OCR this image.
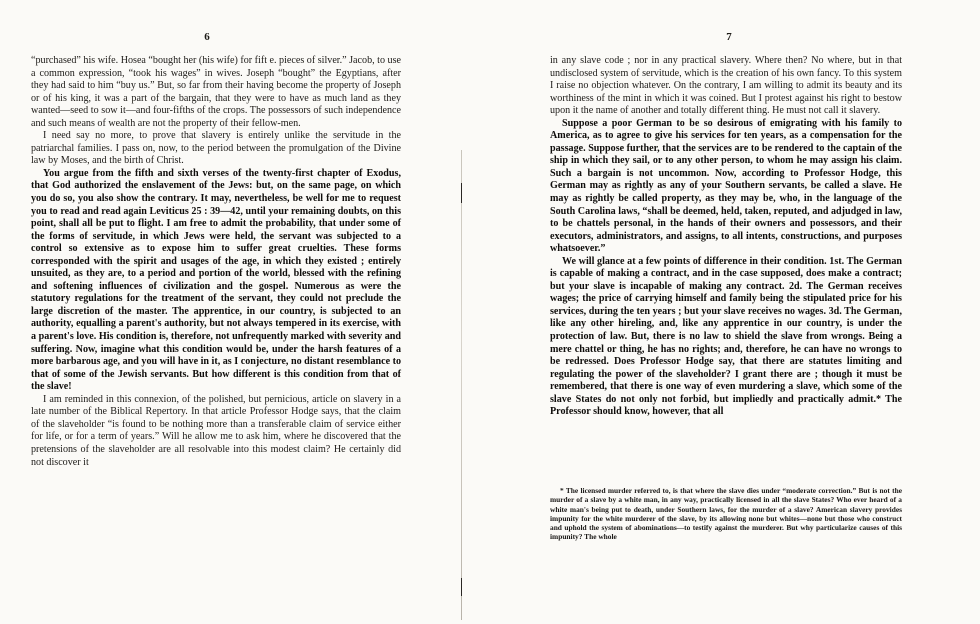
6

“purchased” his wife. Hosea “bought her (his wife) for fift e. pieces of silver.” Jacob, to use a common expression, “took his wages” in wives. Joseph “bought” the Egyptians, after they had said to him “buy us.” But, so far from their having become the property of Joseph or of his king, it was a part of the bargain, that they were to have as much land as they wanted—seed to sow it—and four-fifths of the crops. The possessors of such independence and such means of wealth are not the property of their fellow-men.

I need say no more, to prove that slavery is entirely unlike the servitude in the patriarchal families. I pass on, now, to the period between the promulgation of the Divine law by Moses, and the birth of Christ.

You argue from the fifth and sixth verses of the twenty-first chapter of Exodus, that God authorized the enslavement of the Jews: but, on the same page, on which you do so, you also show the contrary. It may, nevertheless, be well for me to request you to read and read again Leviticus 25 : 39—42, until your remaining doubts, on this point, shall all be put to flight. I am free to admit the probability, that under some of the forms of servitude, in which Jews were held, the servant was subjected to a control so extensive as to expose him to suffer great cruelties. These forms corresponded with the spirit and usages of the age, in which they existed ; entirely unsuited, as they are, to a period and portion of the world, blessed with the refining and softening influences of civilization and the gospel. Numerous as were the statutory regulations for the treatment of the servant, they could not preclude the large discretion of the master. The apprentice, in our country, is subjected to an authority, equalling a parent's authority, but not always tempered in its exercise, with a parent's love. His condition is, therefore, not unfrequently marked with severity and suffering. Now, imagine what this condition would be, under the harsh features of a more barbarous age, and you will have in it, as I conjecture, no distant resemblance to that of some of the Jewish servants. But how different is this condition from that of the slave!

I am reminded in this connexion, of the polished, but pernicious, article on slavery in a late number of the Biblical Repertory. In that article Professor Hodge says, that the claim of the slaveholder “is found to be nothing more than a transferable claim of service either for life, or for a term of years.” Will he allow me to ask him, where he discovered that the pretensions of the slaveholder are all resolvable into this modest claim? He certainly did not discover it

7

in any slave code ; nor in any practical slavery. Where then? No where, but in that undisclosed system of servitude, which is the creation of his own fancy. To this system I raise no objection whatever. On the contrary, I am willing to admit its beauty and its worthiness of the mint in which it was coined. But I protest against his right to bestow upon it the name of another and totally different thing. He must not call it slavery.

Suppose a poor German to be so desirous of emigrating with his family to America, as to agree to give his services for ten years, as a compensation for the passage. Suppose further, that the services are to be rendered to the captain of the ship in which they sail, or to any other person, to whom he may assign his claim. Such a bargain is not uncommon. Now, according to Professor Hodge, this German may as rightly as any of your Southern servants, be called a slave. He may as rightly be called property, as they may be, who, in the language of the South Carolina laws, “shall be deemed, held, taken, reputed, and adjudged in law, to be chattels personal, in the hands of their owners and possessors, and their executors, administrators, and assigns, to all intents, constructions, and purposes whatsoever.”

We will glance at a few points of difference in their condition. 1st. The German is capable of making a contract, and in the case supposed, does make a contract; but your slave is incapable of making any contract. 2d. The German receives wages; the price of carrying himself and family being the stipulated price for his services, during the ten years ; but your slave receives no wages. 3d. The German, like any other hireling, and, like any apprentice in our country, is under the protection of law. But, there is no law to shield the slave from wrongs. Being a mere chattel or thing, he has no rights; and, therefore, he can have no wrongs to be redressed. Does Professor Hodge say, that there are statutes limiting and regulating the power of the slaveholder? I grant there are ; though it must be remembered, that there is one way of even murdering a slave, which some of the slave States do not only not forbid, but impliedly and practically admit.* The Professor should know, however, that all

* The licensed murder referred to, is that where the slave dies under “moderate correction.” But is not the murder of a slave by a white man, in any way, practically licensed in all the slave States? Who ever heard of a white man's being put to death, under Southern laws, for the murder of a slave? American slavery provides impunity for the white murderer of the slave, by its allowing none but whites—none but those who construct and uphold the system of abominations—to testify against the murderer. But why particularize causes of this impunity? The whole
